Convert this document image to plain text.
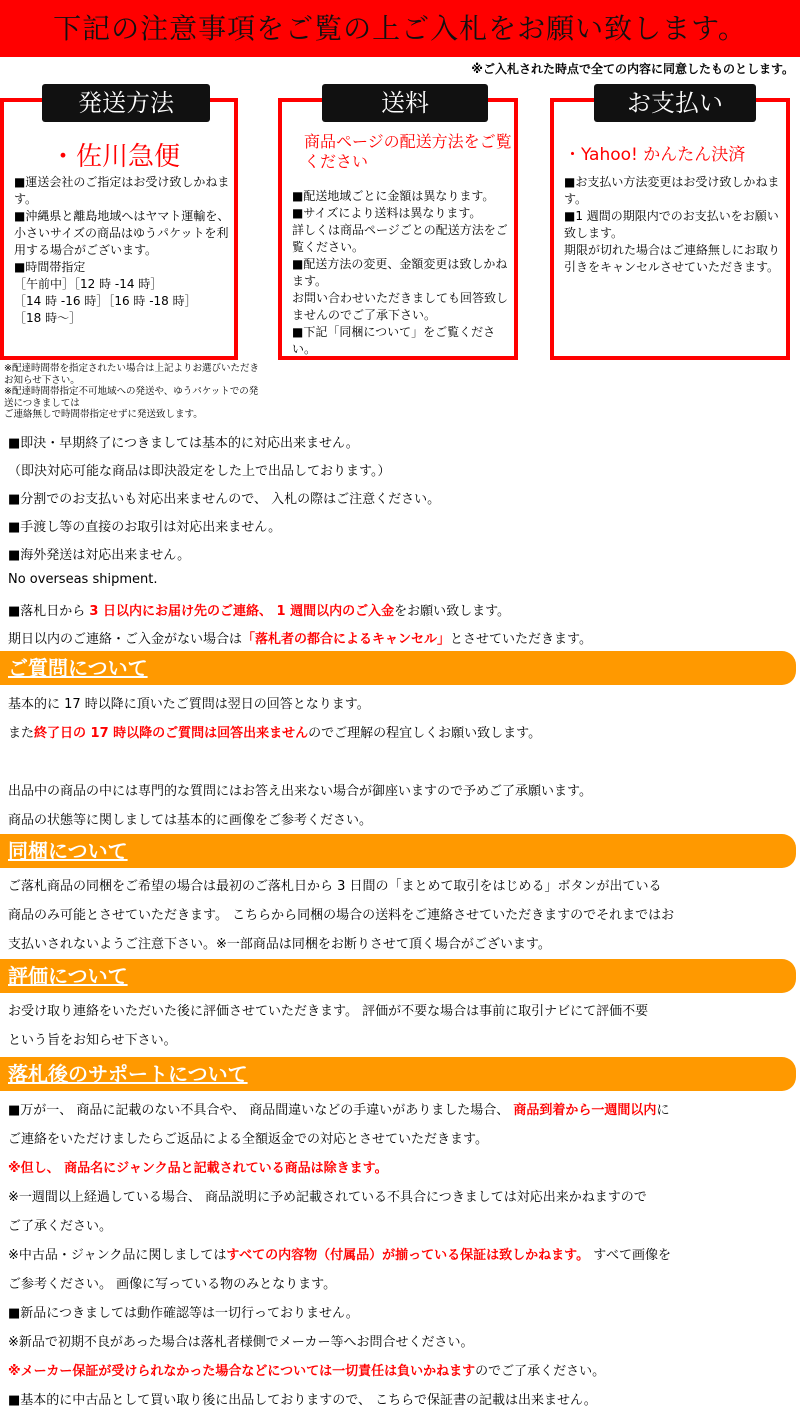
下記の注意事項をご覧の上ご入札をお願い致します。
※ご入札された時点で全ての内容に同意したものとします。
発送方法
・佐川急便

■運送会社のご指定はお受け致しかねます。
■沖縄県と離島地域へはヤマト運輸を、小さいサイズの商品はゆうパケットを利用する場合がございます。
■時間帯指定
［午前中］［12 時 -14 時］
［14 時 -16 時］［16 時 -18 時］
［18 時～］

送料
商品ページの配送方法をご覧ください

■配送地域ごとに金額は異なります。
■サイズにより送料は異なります。
詳しくは商品ページごとの配送方法をご覧ください。
■配送方法の変更、金額変更は致しかねます。
お問い合わせいただきましても回答致しませんのでご了承下さい。
■下記「同梱について」をご覧ください。

お支払い
・Yahoo! かんたん決済

■お支払い方法変更はお受け致しかねます。
■1 週間の期限内でのお支払いをお願い致します。
期限が切れた場合はご連絡無しにお取り引きをキャンセルさせていただきます。

※配達時間帯を指定されたい場合は上記よりお選びいただきお知らせ下さい。

※配達時間帯指定不可地域への発送や、ゆうパケットでの発送につきましては

ご連絡無しで時間帯指定せずに発送致します。

■即決・早期終了につきましては基本的に対応出来ません。
（即決対応可能な商品は即決設定をした上で出品しております。）
■分割でのお支払いも対応出来ませんので、 入札の際はご注意ください。
■手渡し等の直接のお取引は対応出来ません。
■海外発送は対応出来ません。
No overseas shipment.
■落札日から 3 日以内にお届け先のご連絡、 1 週間以内のご入金をお願い致します。
期日以内のご連絡・ご入金がない場合は「落札者の都合によるキャンセル」とさせていただきます。
ご質問について
基本的に 17 時以降に頂いたご質問は翌日の回答となります。
また終了日の 17 時以降のご質問は回答出来ませんのでご理解の程宜しくお願い致します。
出品中の商品の中には専門的な質問にはお答え出来ない場合が御座いますので予めご了承願います。
商品の状態等に関しましては基本的に画像をご参考ください。
同梱について
ご落札商品の同梱をご希望の場合は最初のご落札日から 3 日間の「まとめて取引をはじめる」ボタンが出ている
商品のみ可能とさせていただきます。 こちらから同梱の場合の送料をご連絡させていただきますのでそれまではお
支払いされないようご注意下さい。※一部商品は同梱をお断りさせて頂く場合がございます。
評価について
お受け取り連絡をいただいた後に評価させていただきます。 評価が不要な場合は事前に取引ナビにて評価不要
という旨をお知らせ下さい。
落札後のサポートについて
■万が一、 商品に記載のない不具合や、 商品間違いなどの手違いがありました場合、 商品到着から一週間以内に
ご連絡をいただけましたらご返品による全額返金での対応とさせていただきます。
※但し、 商品名にジャンク品と記載されている商品は除きます。
※一週間以上経過している場合、 商品説明に予め記載されている不具合につきましては対応出来かねますので
ご了承ください。
※中古品・ジャンク品に関しましてはすべての内容物（付属品）が揃っている保証は致しかねます。 すべて画像を
ご参考ください。 画像に写っている物のみとなります。
■新品につきましては動作確認等は一切行っておりません。
※新品で初期不良があった場合は落札者様側でメーカー等へお問合せください。
※メーカー保証が受けられなかった場合などについては一切責任は負いかねますのでご了承ください。
■基本的に中古品として買い取り後に出品しておりますので、 こちらで保証書の記載は出来ません。
